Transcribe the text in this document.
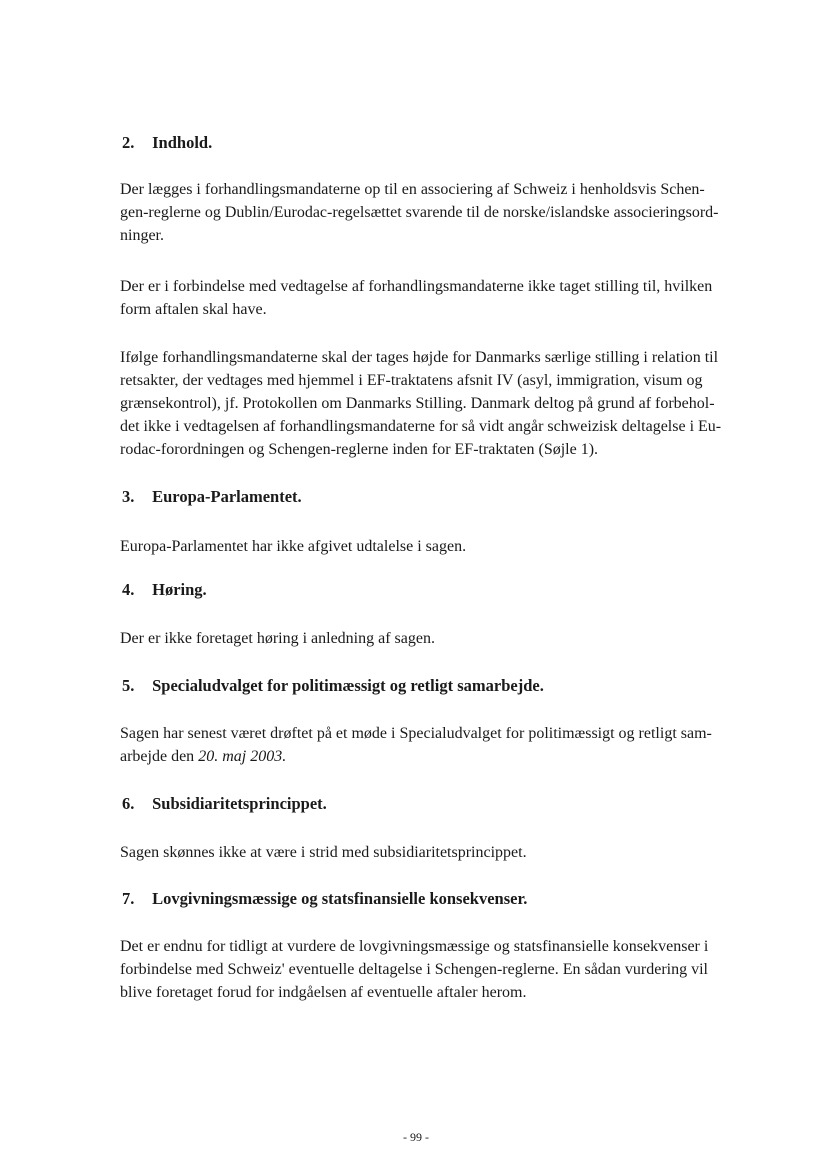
2. Indhold.
Der lægges i forhandlingsmandaterne op til en associering af Schweiz i henholdsvis Schen-
gen-reglerne og Dublin/Eurodac-regelsættet svarende til de norske/islandske associeringsord-
ninger.
Der er i forbindelse med vedtagelse af forhandlingsmandaterne ikke taget stilling til, hvilken
form aftalen skal have.
Ifølge forhandlingsmandaterne skal der tages højde for Danmarks særlige stilling i relation til
retsakter, der vedtages med hjemmel i EF-traktatens afsnit IV (asyl, immigration, visum og
grænsekontrol), jf. Protokollen om Danmarks Stilling. Danmark deltog på grund af forbehol-
det ikke i vedtagelsen af forhandlingsmandaterne for så vidt angår schweizisk deltagelse i Eu-
rodac-forordningen og Schengen-reglerne inden for EF-traktaten (Søjle 1).
3. Europa-Parlamentet.
Europa-Parlamentet har ikke afgivet udtalelse i sagen.
4. Høring.
Der er ikke foretaget høring i anledning af sagen.
5. Specialudvalget for politimæssigt og retligt samarbejde.
Sagen har senest været drøftet på et møde i Specialudvalget for politimæssigt og retligt sam-
arbejde den 20. maj 2003.
6. Subsidiaritetsprincippet.
Sagen skønnes ikke at være i strid med subsidiaritetsprincippet.
7. Lovgivningsmæssige og statsfinansielle konsekvenser.
Det er endnu for tidligt at vurdere de lovgivningsmæssige og statsfinansielle konsekvenser i
forbindelse med Schweiz' eventuelle deltagelse i Schengen-reglerne. En sådan vurdering vil
blive foretaget forud for indgåelsen af eventuelle aftaler herom.
- 99 -
